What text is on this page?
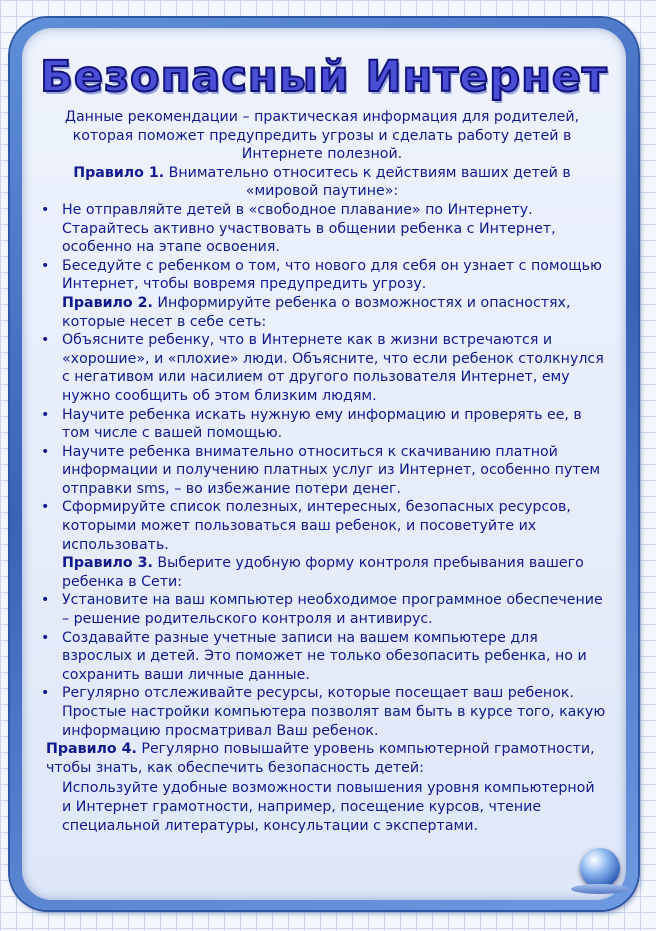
Безопасный Интернет

Данные рекомендации – практическая информация для родителей, которая поможет предупредить угрозы и сделать работу детей в Интернете полезной.

Правило 1. Внимательно относитесь к действиям ваших детей в «мировой паутине»:

• Не отправляйте детей в «свободное плавание» по Интернету. Старайтесь активно участвовать в общении ребенка с Интернет, особенно на этапе освоения.
• Беседуйте с ребенком о том, что нового для себя он узнает с помощью Интернет, чтобы вовремя предупредить угрозу.

Правило 2. Информируйте ребенка о возможностях и опасностях, которые несет в себе сеть:

• Объясните ребенку, что в Интернете как в жизни встречаются и «хорошие», и «плохие» люди. Объясните, что если ребенок столкнулся с негативом или насилием от другого пользователя Интернет, ему нужно сообщить об этом близким людям.
• Научите ребенка искать нужную ему информацию и проверять ее, в том числе с вашей помощью.
• Научите ребенка внимательно относиться к скачиванию платной информации и получению платных услуг из Интернет, особенно путем отправки sms, – во избежание потери денег.
• Сформируйте список полезных, интересных, безопасных ресурсов, которыми может пользоваться ваш ребенок, и посоветуйте их использовать.

Правило 3. Выберите удобную форму контроля пребывания вашего ребенка в Сети:

• Установите на ваш компьютер необходимое программное обеспечение – решение родительского контроля и антивирус.
• Создавайте разные учетные записи на вашем компьютере для взрослых и детей. Это поможет не только обезопасить ребенка, но и сохранить ваши личные данные.
• Регулярно отслеживайте ресурсы, которые посещает ваш ребенок. Простые настройки компьютера позволят вам быть в курсе того, какую информацию просматривал Ваш ребенок.

Правило 4. Регулярно повышайте уровень компьютерной грамотности, чтобы знать, как обеспечить безопасность детей:

Используйте удобные возможности повышения уровня компьютерной и Интернет грамотности, например, посещение курсов, чтение специальной литературы, консультации с экспертами.
